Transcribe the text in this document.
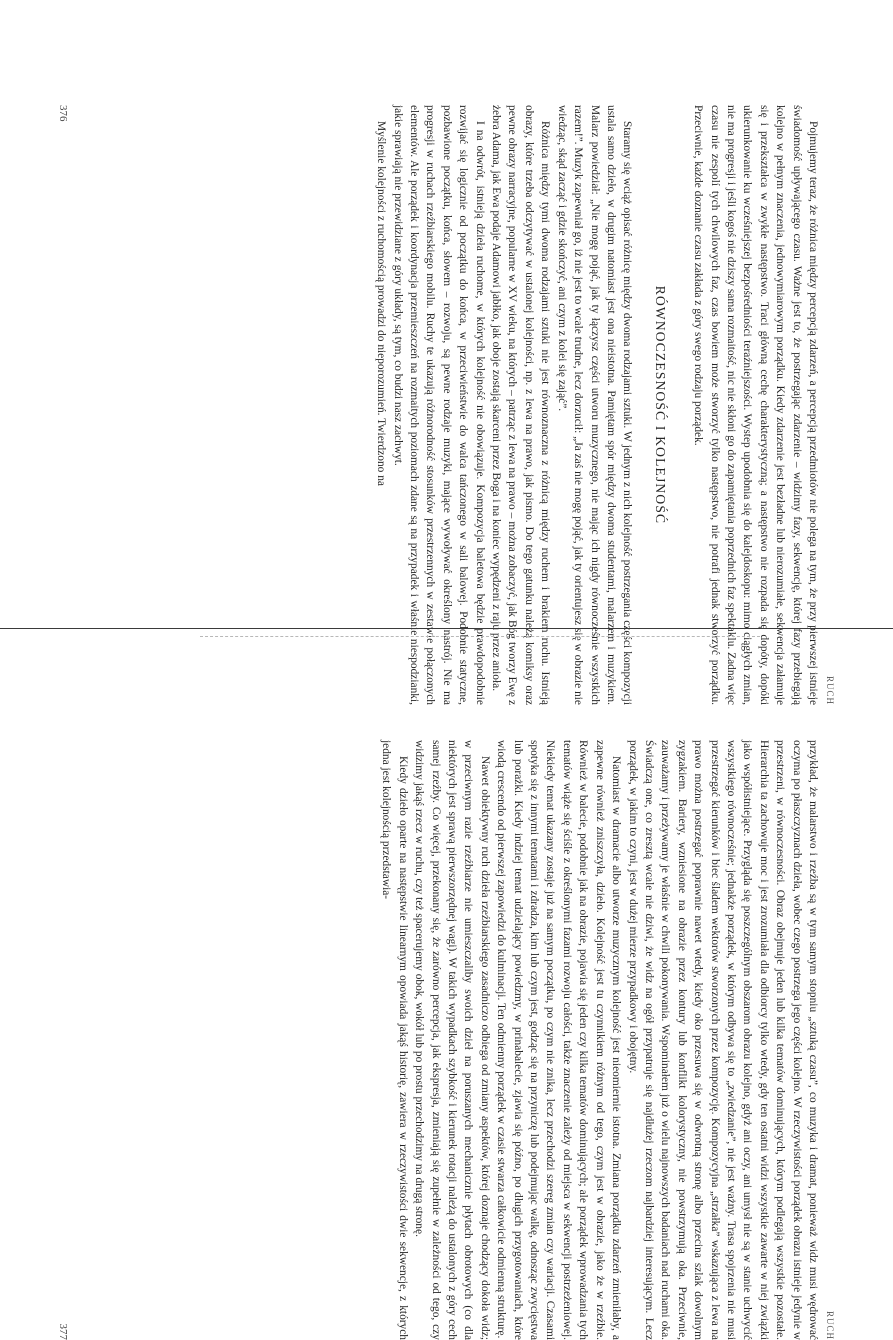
RUCH

Pojmujemy teraz, że różnica między percepcją zdarzeń, a percepcją przedmiotów nie polega na tym, że przy pierwszej istnieje świadomość upływającego czasu. Ważne jest to, że postrzegając zdarzenie – widzimy fazy, sekwencję, której fazy przebiegają kolejno w pełnym znaczenia, jednowymiarowym porządku. Kiedy zdarzenie jest bezładne lub nierozumiałe, sekwencja załamuje się i przekształca w zwykłe następstwo. Traci główną cechę charakterystyczną; a następstwo nie rozpada się dopóty, dopóki ukierunkowanie ku wcześniejszej bezpośredniości teraźniejszości. Wystep upodobnia się do kalejdoskopu: mimo ciągłych zmian, nie ma progresji i jeśli kogoś nie dziszy sama rozmaitość, nic nie skłoni go do zapamiętania poprzednich faz spektaklu. Zadna więc czasu nie zespolí tych chwilowych faz, czas bowiem może stworzyć tylko następstwo, nie potrafi jednak stworzyć porządku. Przeciwnie, każde doznanie czasu zakłada z góry swego rodzaju porządek.

RÓWNOCZESNOŚĆ I KOLEJNOŚĆ

Staramy się wciąż opisać różnicę między dwoma rodzajami sztuki. W jednym z nich kolejność postrzegania części kompozycji ustala samo dzieło, w drugim natomiast jest ona nieistotna. Pamiętam spór między dwoma studentami, malarzem i muzykiem. Malarz powiedział: „Nie mogę pojąć, jak ty łączysz części utworu muzycznego, nie mając ich nigdy równocześnie wszystkich razem!”. Muzyk zapewniał go, iż nie jest to wcale trudne, lecz dorzucił: „Ja zaś nie mogę pojąć, jak ty orientujesz się w obrazie nie wiedząc, skąd zacząć i gdzie skończyć, ani czym z kolei się zająć”.

Różnica między tymi dwoma rodzajami sztuki nie jest równoznaczna z różnicą między ruchem i brakiem ruchu. Istnieją obrazy, które trzeba odczytywać w ustalonej kolejności, np. z lewa na prawo, jak pismo. Do tego gatunku należą komiksy oraz pewne obrazy narracyjne, popularne w XV wieku, na których – patrząc z lewa na prawo – można zobaczyć, jak Bóg tworzy Ewę z żebra Adama, jak Ewa podaje Adamowi jabłko, jak oboje zostają skarceni przez Boga i na koniec wypędzeni z raju przez anioła.

I na odwrót, istnieją dzieła ruchome, w których kolejność nie obowiązuje. Kompozycja baletowa będzie prawdopodobnie rozwijać się logicznie od początku do końca, w przeciwieństwie do walca tańczonego w sali balowej. Podobnie statyczne, pozbawione początku, końca, słowem – rozwoju, są pewne rodzaje muzyki, mające wywoływać określony nastrój. Nie ma progresji w ruchach rzeźbiarskiego mobilu. Ruchy te ukazują różnorodność stosunków przestrzennych w zestawie połączonych elementów. Ale porządek i koordynacja przemieszczeń na rozmaitych poziomach zdane są na przypadek i właśnie niespodzianki, jakie sprawiają nie przewidziane z góry układy, są tym, co budzi nasz zachwyt.

Myślenie kolejności z ruchomością prowadzi do nieporozumień. Twierdzono na

376
RUCH

przykład, że malarstwo i rzeźba są w tym samym stopniu „sztuką czasu”, co muzyka i dramat, ponieważ widz musi wędrować oczyma po płaszczyznach dzieła, wobec czego postrzega jego części kolejno. W rzeczywistości porządek obrazu istnieje jedynie w przestrzeni, w równoczesności. Obraz obejmuje jeden lub kilka tematów dominujących, którym podlegają wszystkie pozostałe. Hierarchia ta zachowuje moc i jest zrozumiała dla odbiorcy tylko wtedy, gdy ten ostatni widzi wszystkie zawarte w niej związki jako współistniejące. Przygląda się poszczególnym obszarom obrazu kolejno, gdyż ani oczy, ani umysł nie są w stanie uchwycić wszystkiego równocześnie; jednakże porządek, w którym odbywa się to „zwiedzanie”, nie jest ważny. Trasa spojrzenia nie musi przestrzegać kierunków i biec śladem wektorów stworzonych przez kompozycję. Kompozycyjna „strzałka” wskazująca z lewa na prawo można postrzegać poprawnie nawet wtedy, kiedy oko przesuwa się w odwrotną stronę albo przecina szlak dowolnym zygzakiem. Bariery, wzniesione na obrazie przez kontury lub konflikt kolorystyczny, nie powstrzymują oka. Przeciwnie, zauważamy i przeżywamy je właśnie w chwili pokonywania. Wspominałem już o wielu najnowszych badaniach nad ruchami oka. Świadczą one, co zresztą wcale nie dziwi, że widz na ogół przypatruje się najdłużej rzeczom najbardziej interesującym. Lecz porządek, w jakim to czyni, jest w dużej mierze przypadkowy i obojętny.

Natomiast w dramacie albo utworze muzycznym kolejność jest nieomiernie istotna. Zmiana porządku zdarzeń zmieniłaby, a zapewne również zniszczyła, dzieło. Kolejność jest tu czynnikiem różnym od tego, czym jest w obrazie, jako że w rzeźbie. Również w balecie, podobnie jak na obrazie, pojawia się jeden czy kilka tematów dominujących; ale porządek wprowadzania tych tematów wiąże się ściśle z określonymi fazami rozwoju całości, także znaczenie zależy od miejsca w sekwencji postrzeżeniowej. Niekiedy temat ukazany zostaje już na samym początku, po czym nie znika, lecz przechodzi szereg zmian czy wariacji. Czasami spotyka się z innymi tematami i zdradza, kim lub czym jest, godząc się na przyniczę lub podejmując walkę, odnosząc zwycięstwa lub porażki. Kiedy indziej temat udzielający powiedzmy, w prinabalecie, zjawia się późno, po długich przygotowaniach, które wiodą crescendo od pierwszej zapowiedzi do kulminacji. Ten odmienny porządek w czasie stwarza całkowicie odmienną strukturę.

Nawet obiektywny ruch dzieła rzeźbiarskiego zasadniczo odbiega od zmiany aspektów, której doznaje chodzący dokoła widz; w przeciwnym razie rzeźbiarze nie umieszczaliby swoich dzieł na poruszanych mechanicznie płytach obrotowych (co dla niektórych jest sprawą pierwszorzędnej wagi). W takich wypadkach szybkość i kierunek rotacji należą do ustalonych z góry cech samej rzeźby. Co więcej, przekonany się, że zarówno percepcja, jak ekspresja, zmieniają się zupełnie w zależności od tego, czy widzimy jakąś rzecz w ruchu, czy też spacerujemy obok, wokół lub po prostu przechodzimy na drugą stronę.

Kiedy dzieło oparte na następstwie linearnym opowiada jakąś historię, zawiera w rzeczywistości dwie sekwencje, z których jedna jest kolejnością przedstawia-

377
